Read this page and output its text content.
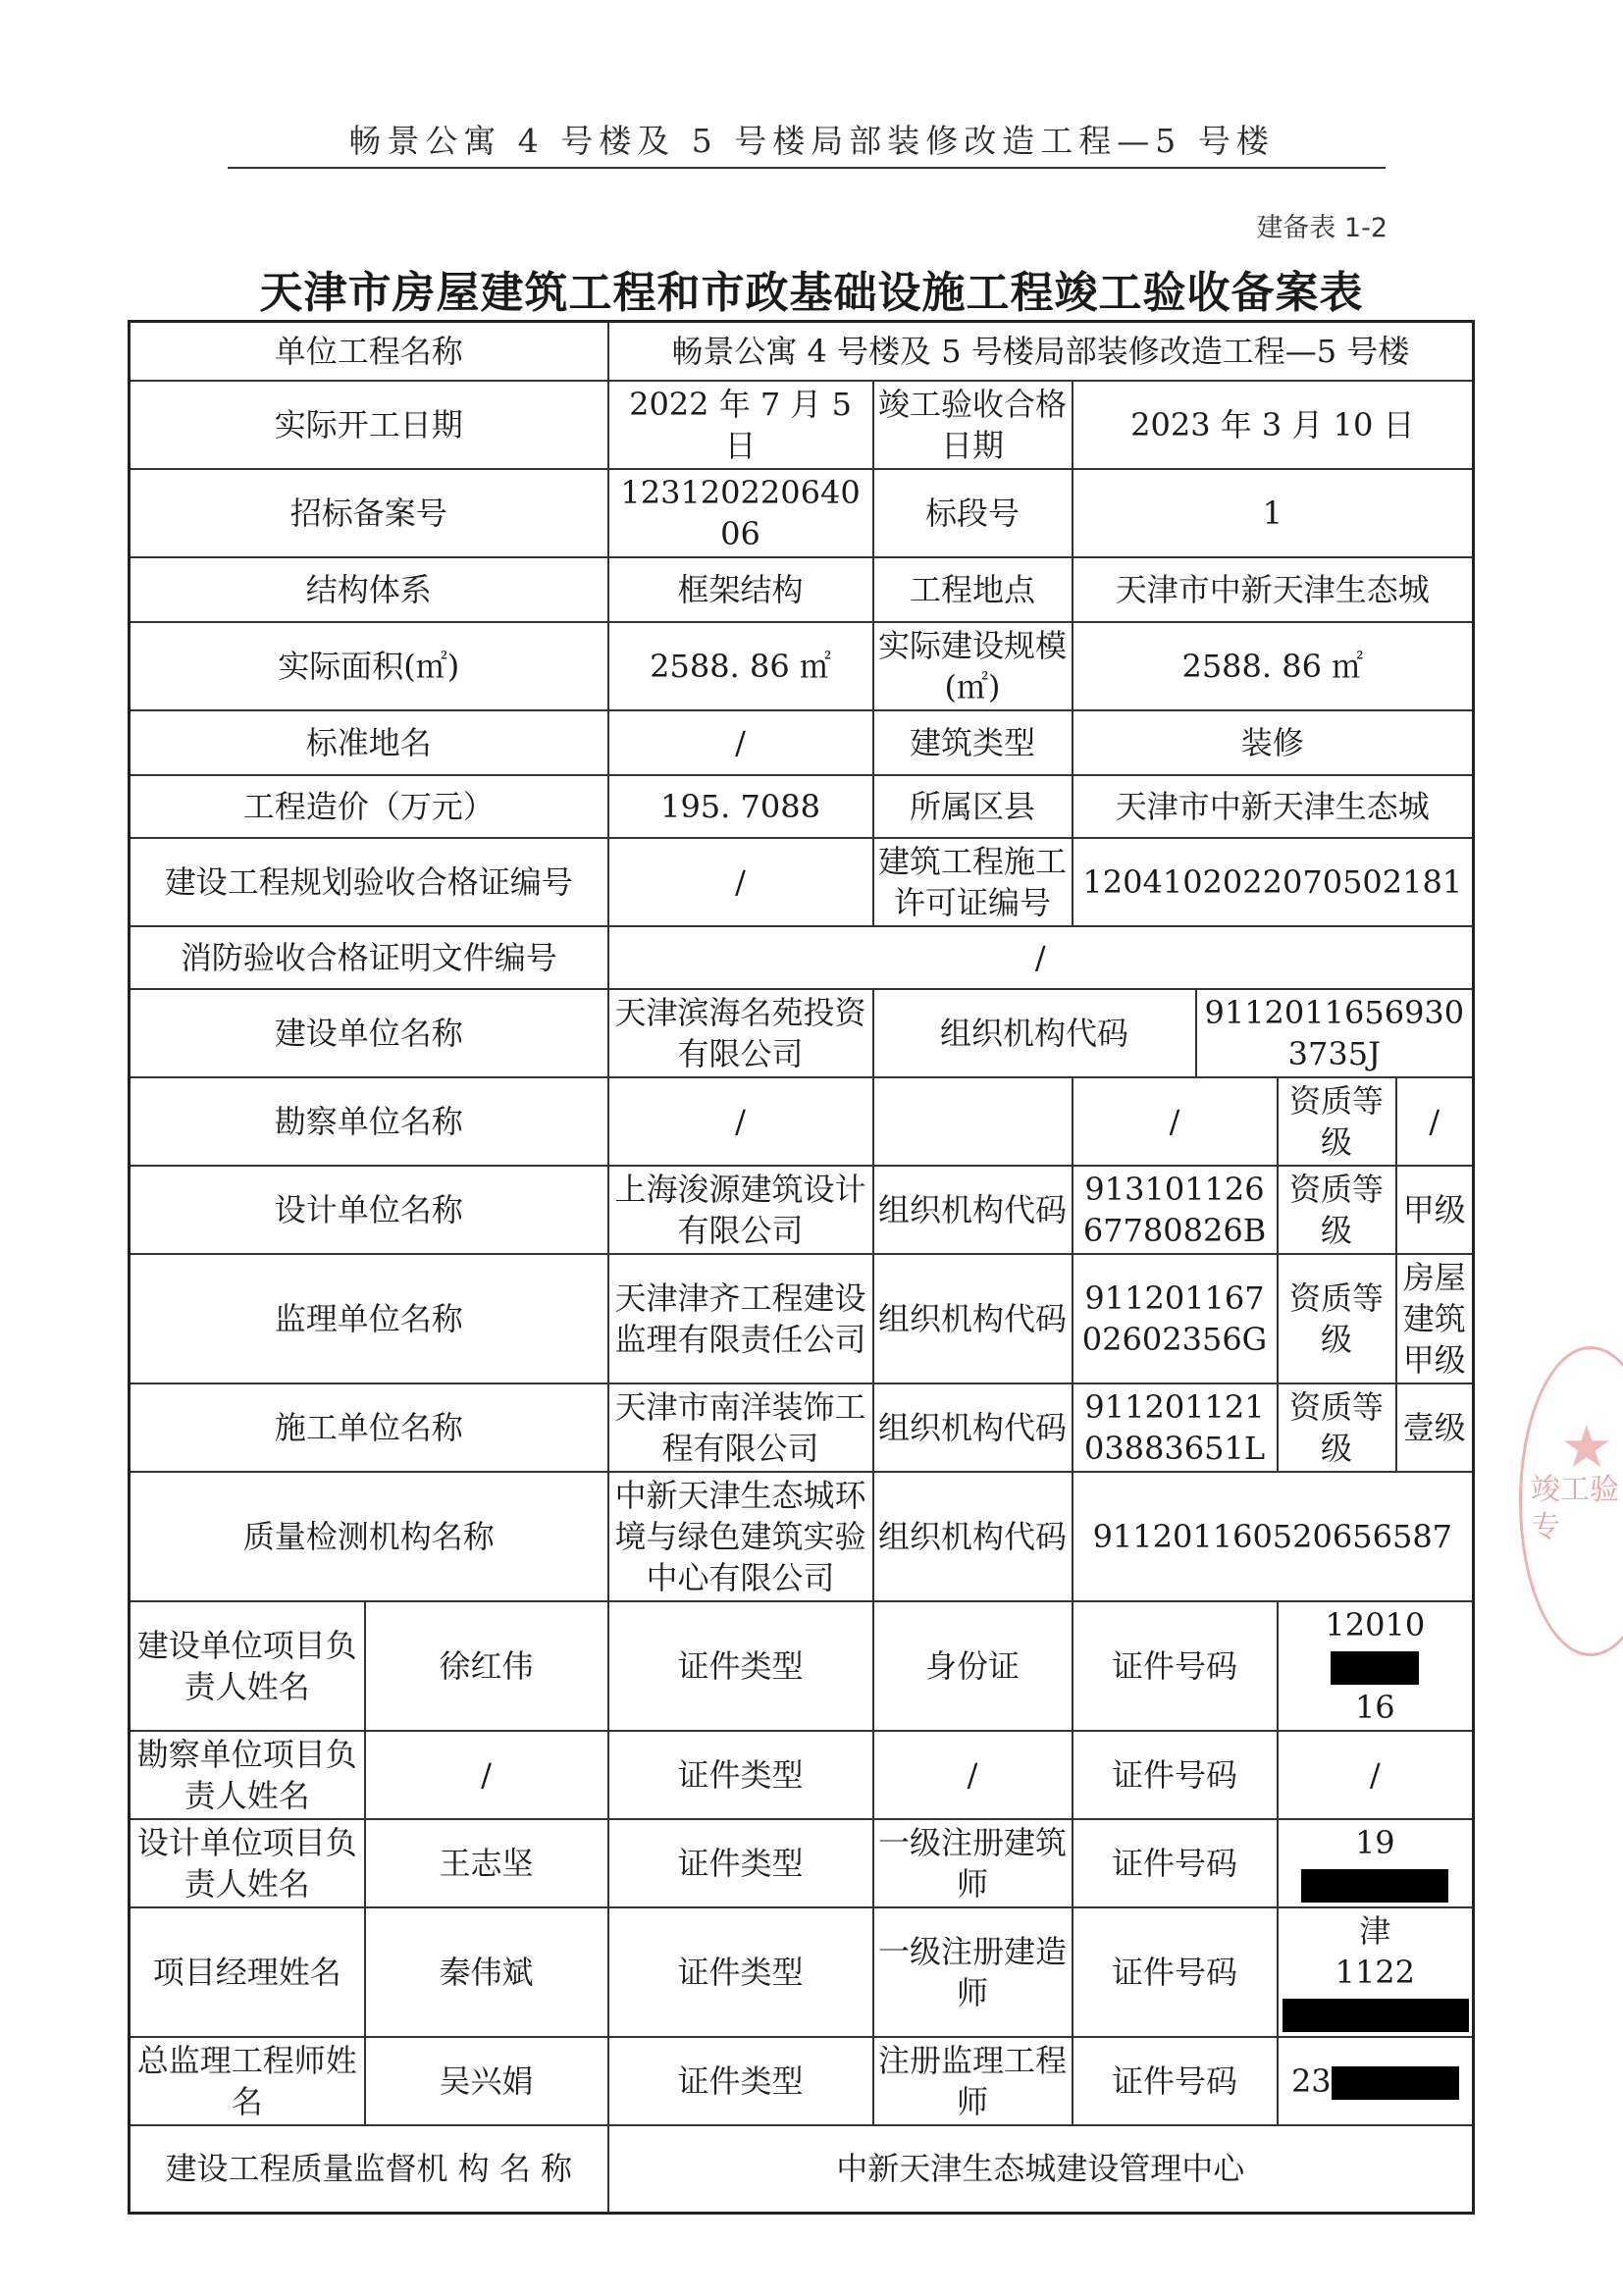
畅景公寓 4 号楼及 5 号楼局部装修改造工程—5 号楼
建备表 1-2
天津市房屋建筑工程和市政基础设施工程竣工验收备案表
单位工程名称		畅景公寓 4 号楼及 5 号楼局部装修改造工程—5 号楼					
实际开工日期		2022 年 7 月 5 日	竣工验收合格日期	2023 年 3 月 10 日			
招标备案号		12312022064006	标段号	1			
结构体系		框架结构	工程地点	天津市中新天津生态城			
实际面积(㎡)		2588. 86 ㎡	实际建设规模(㎡)	2588. 86 ㎡			
标准地名		/	建筑类型	装修			
工程造价（万元）		195. 7088	所属区县	天津市中新天津生态城			
建设工程规划验收合格证编号		/	建筑工程施工许可证编号	1204102022070502181			
消防验收合格证明文件编号		/					
建设单位名称		天津滨海名苑投资有限公司	组织机构代码		91120116569303735J		
勘察单位名称		/		/		资质等级	/
设计单位名称		上海浚源建筑设计有限公司	组织机构代码	91310112667780826B		资质等级	甲级
监理单位名称		天津津齐工程建设监理有限责任公司	组织机构代码	91120116702602356G		资质等级	房屋建筑甲级
施工单位名称		天津市南洋装饰工程有限公司	组织机构代码	91120112103883651L		资质等级	壹级
质量检测机构名称		中新天津生态城环境与绿色建筑实验中心有限公司	组织机构代码	911201160520656587			
建设单位项目负责人姓名	徐红伟	证件类型	身份证	证件号码		12010
16	
勘察单位项目负责人姓名	/	证件类型	/	证件号码		/	
设计单位项目负责人姓名	王志坚	证件类型	一级注册建筑师	证件号码		19	
项目经理姓名	秦伟斌	证件类型	一级注册建造师	证件号码		津
1122	
总监理工程师姓名	吴兴娟	证件类型	注册监理工程师	证件号码		23	
建设工程质量监督机 构 名 称		中新天津生态城建设管理中心					
★
竣工验 专
